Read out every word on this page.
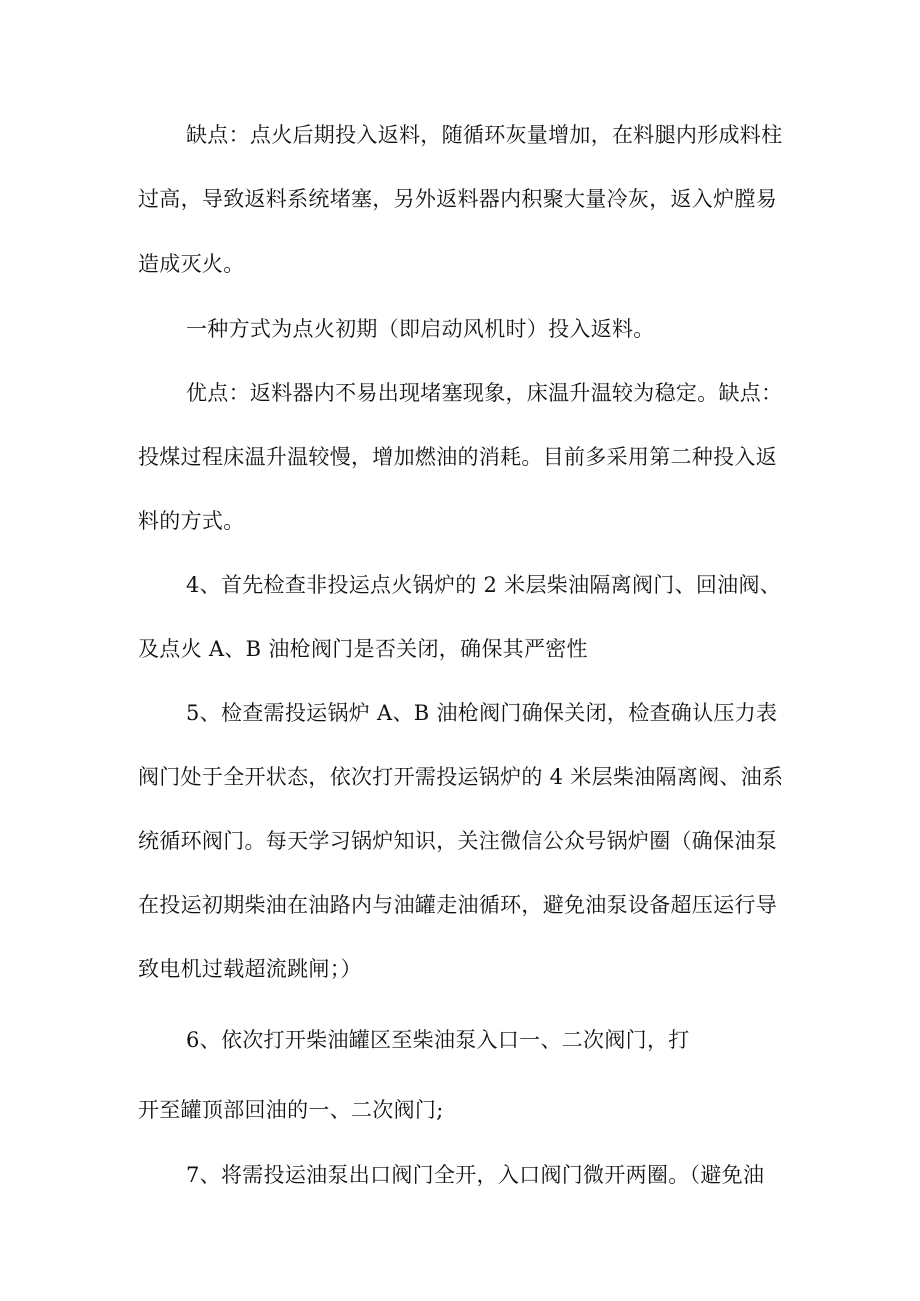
缺点：点火后期投入返料，随循环灰量增加，在料腿内形成料柱
过高，导致返料系统堵塞，另外返料器内积聚大量冷灰，返入炉膛易
造成灭火。
一种方式为点火初期（即启动风机时）投入返料。
优点：返料器内不易出现堵塞现象，床温升温较为稳定。缺点：
投煤过程床温升温较慢，增加燃油的消耗。目前多采用第二种投入返
料的方式。
4、首先检查非投运点火锅炉的 2 米层柴油隔离阀门、回油阀、
及点火 A、B 油枪阀门是否关闭，确保其严密性
5、检查需投运锅炉 A、B 油枪阀门确保关闭，检查确认压力表
阀门处于全开状态，依次打开需投运锅炉的 4 米层柴油隔离阀、油系
统循环阀门。每天学习锅炉知识，关注微信公众号锅炉圈（确保油泵
在投运初期柴油在油路内与油罐走油循环，避免油泵设备超压运行导
致电机过载超流跳闸；）
6、依次打开柴油罐区至柴油泵入口一、二次阀门，打
开至罐顶部回油的一、二次阀门;
7、将需投运油泵出口阀门全开，入口阀门微开两圈。（避免油
